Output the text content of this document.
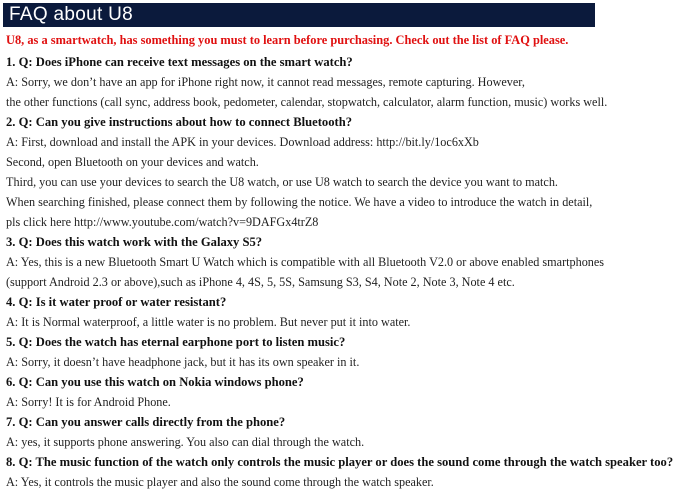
FAQ about U8
U8, as a smartwatch, has something you must to learn before purchasing. Check out the list of FAQ please.
1. Q: Does iPhone can receive text messages on the smart watch?
A: Sorry, we don’t have an app for iPhone right now, it cannot read messages, remote capturing. However,
the other functions (call sync, address book, pedometer, calendar, stopwatch, calculator, alarm function, music) works well.
2. Q: Can you give instructions about how to connect Bluetooth?
A: First, download and install the APK in your devices. Download address: http://bit.ly/1oc6xXb
Second, open Bluetooth on your devices and watch.
Third, you can use your devices to search the U8 watch, or use U8 watch to search the device you want to match.
When searching finished, please connect them by following the notice. We have a video to introduce the watch in detail,
pls click here http://www.youtube.com/watch?v=9DAFGx4trZ8
3. Q: Does this watch work with the Galaxy S5?
A: Yes, this is a new Bluetooth Smart U Watch which is compatible with all Bluetooth V2.0 or above enabled smartphones
(support Android 2.3 or above),such as iPhone 4, 4S, 5, 5S, Samsung S3, S4, Note 2, Note 3, Note 4 etc.
4. Q: Is it water proof or water resistant?
A: It is Normal waterproof, a little water is no problem. But never put it into water.
5. Q: Does the watch has eternal earphone port to listen music?
A: Sorry, it doesn’t have headphone jack, but it has its own speaker in it.
6. Q: Can you use this watch on Nokia windows phone?
A: Sorry! It is for Android Phone.
7. Q: Can you answer calls directly from the phone?
A: yes, it supports phone answering. You also can dial through the watch.
8. Q: The music function of the watch only controls the music player or does the sound come through the watch speaker too?
A: Yes, it controls the music player and also the sound come through the watch speaker.
